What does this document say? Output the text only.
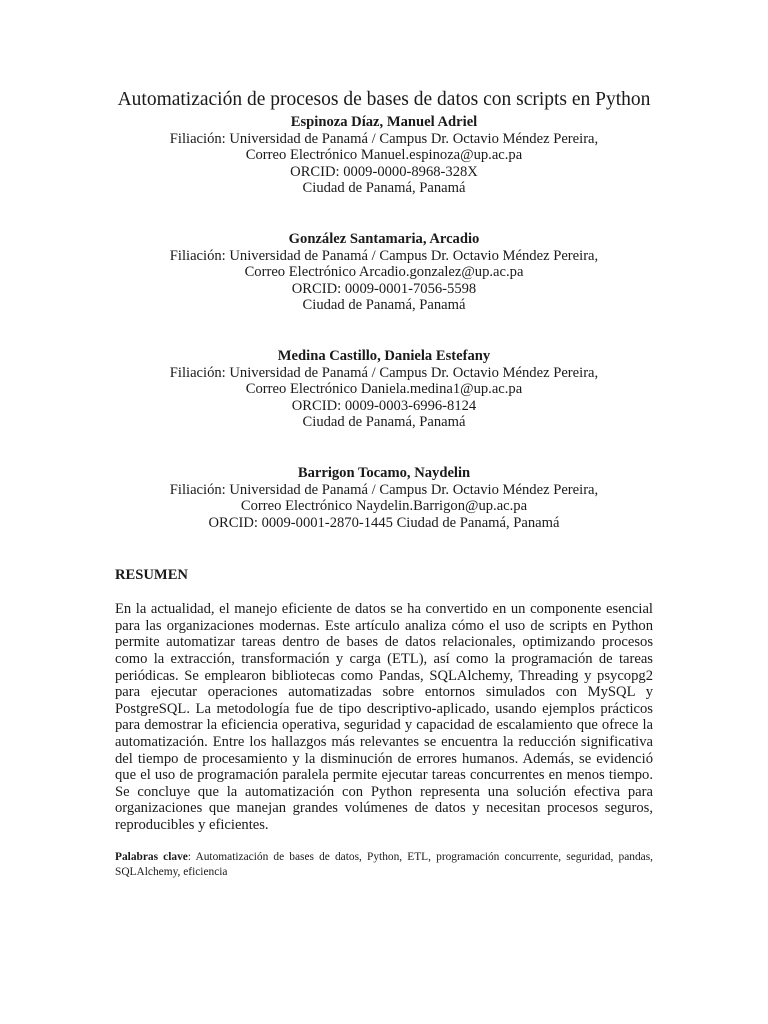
Automatización de procesos de bases de datos con scripts en Python
Espinoza Díaz, Manuel Adriel
Filiación: Universidad de Panamá / Campus Dr. Octavio Méndez Pereira,
Correo Electrónico Manuel.espinoza@up.ac.pa
ORCID: 0009-0000-8968-328X
Ciudad de Panamá, Panamá
González Santamaria, Arcadio
Filiación: Universidad de Panamá / Campus Dr. Octavio Méndez Pereira,
Correo Electrónico Arcadio.gonzalez@up.ac.pa
ORCID: 0009-0001-7056-5598
Ciudad de Panamá, Panamá
Medina Castillo, Daniela Estefany
Filiación: Universidad de Panamá / Campus Dr. Octavio Méndez Pereira,
Correo Electrónico Daniela.medina1@up.ac.pa
ORCID: 0009-0003-6996-8124
Ciudad de Panamá, Panamá
Barrigon Tocamo, Naydelin
Filiación: Universidad de Panamá / Campus Dr. Octavio Méndez Pereira,
Correo Electrónico Naydelin.Barrigon@up.ac.pa
ORCID: 0009-0001-2870-1445 Ciudad de Panamá, Panamá
RESUMEN

En la actualidad, el manejo eficiente de datos se ha convertido en un componente esencial para las organizaciones modernas. Este artículo analiza cómo el uso de scripts en Python permite automatizar tareas dentro de bases de datos relacionales, optimizando procesos como la extracción, transformación y carga (ETL), así como la programación de tareas periódicas. Se emplearon bibliotecas como Pandas, SQLAlchemy, Threading y psycopg2 para ejecutar operaciones automatizadas sobre entornos simulados con MySQL y PostgreSQL. La metodología fue de tipo descriptivo-aplicado, usando ejemplos prácticos para demostrar la eficiencia operativa, seguridad y capacidad de escalamiento que ofrece la automatización. Entre los hallazgos más relevantes se encuentra la reducción significativa del tiempo de procesamiento y la disminución de errores humanos. Además, se evidenció que el uso de programación paralela permite ejecutar tareas concurrentes en menos tiempo. Se concluye que la automatización con Python representa una solución efectiva para organizaciones que manejan grandes volúmenes de datos y necesitan procesos seguros, reproducibles y eficientes.

Palabras clave: Automatización de bases de datos, Python, ETL, programación concurrente, seguridad, pandas, SQLAlchemy, eficiencia
